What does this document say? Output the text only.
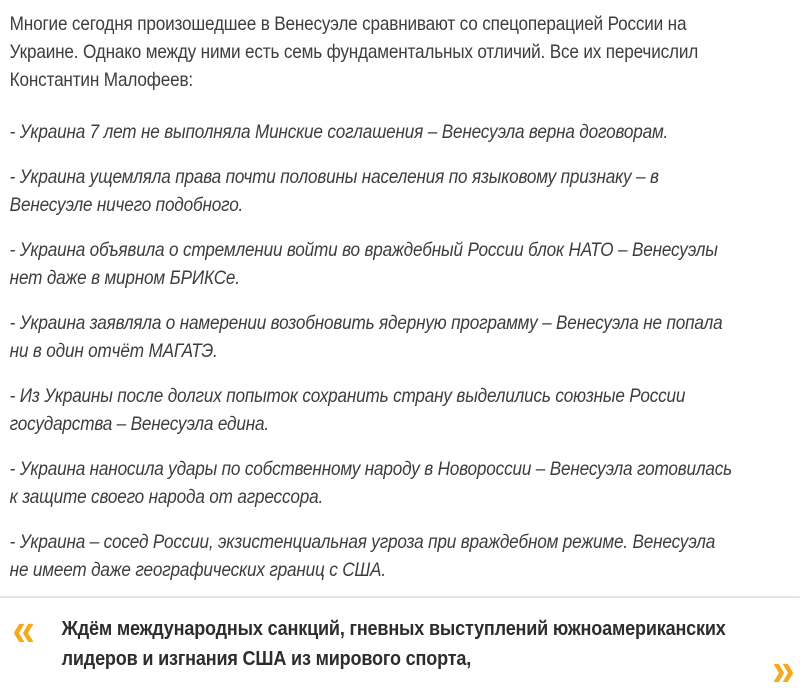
Многие сегодня произошедшее в Венесуэле сравнивают со спецоперацией России на Украине. Однако между ними есть семь фундаментальных отличий. Все их перечислил Константин Малофеев:

- Украина 7 лет не выполняла Минские соглашения – Венесуэла верна договорам.

- Украина ущемляла права почти половины населения по языковому признаку – в Венесуэле ничего подобного.

- Украина объявила о стремлении войти во враждебный России блок НАТО – Венесуэлы нет даже в мирном БРИКСе.

- Украина заявляла о намерении возобновить ядерную программу – Венесуэла не попала ни в один отчёт МАГАТЭ.

- Из Украины после долгих попыток сохранить страну выделились союзные России государства – Венесуэла едина.

- Украина наносила удары по собственному народу в Новороссии – Венесуэла готовилась к защите своего народа от агрессора.

- Украина – сосед России, экзистенциальная угроза при враждебном режиме. Венесуэла не имеет даже географических границ с США.

« Ждём международных санкций, гневных выступлений южноамериканских лидеров и изгнания США из мирового спорта,	»
